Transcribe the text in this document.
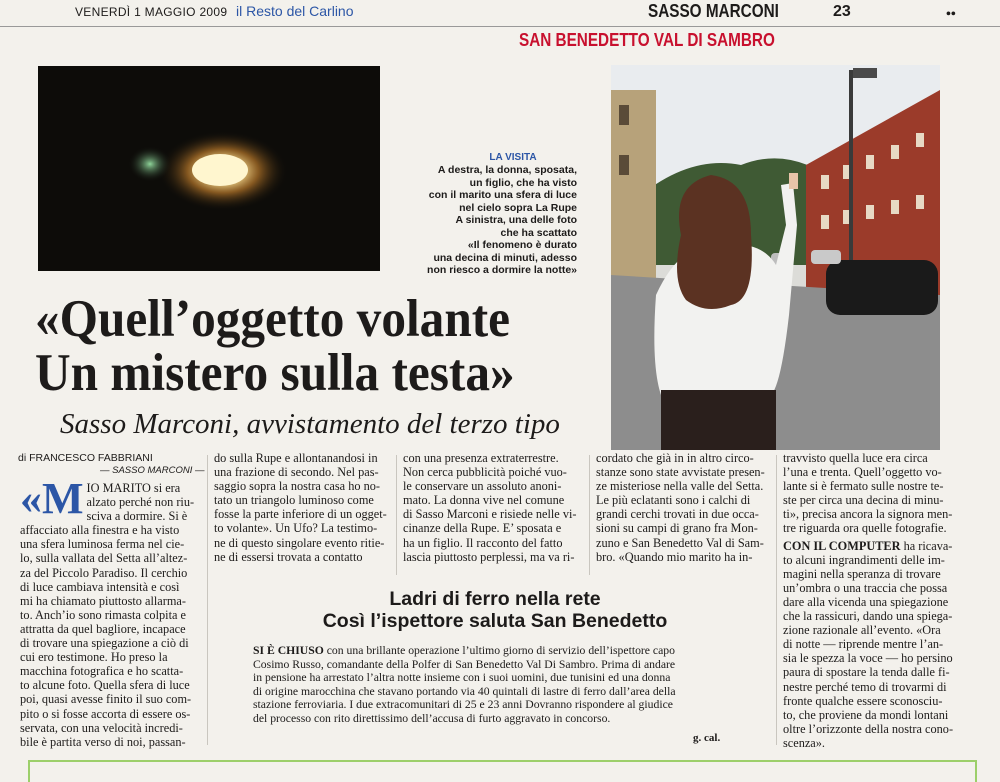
VENERDÌ 1 MAGGIO 2009 il Resto del Carlino	SASSO MARCONI	23	••
SAN BENEDETTO VAL DI SAMBRO
LA VISITA
A destra, la donna, sposata,
un figlio, che ha visto
con il marito una sfera di luce
nel cielo sopra La Rupe
A sinistra, una delle foto
che ha scattato
«Il fenomeno è durato
una decina di minuti, adesso
non riesco a dormire la notte»
«Quell’oggetto volante
Un mistero sulla testa»
Sasso Marconi, avvistamento del terzo tipo
di FRANCESCO FABBRIANI
— SASSO MARCONI —
«M IO MARITO si era
alzato perché non riu-
sciva a dormire. Si è
affacciato alla finestra e ha visto
una sfera luminosa ferma nel cie-
lo, sulla vallata del Setta all’altez-
za del Piccolo Paradiso. Il cerchio
di luce cambiava intensità e così
mi ha chiamato piuttosto allarma-
to. Anch’io sono rimasta colpita e
attratta da quel bagliore, incapace
di trovare una spiegazione a ciò di
cui ero testimone. Ho preso la
macchina fotografica e ho scatta-
to alcune foto. Quella sfera di luce
poi, quasi avesse finito il suo com-
pito o si fosse accorta di essere os-
servata, con una velocità incredi-
bile è partita verso di noi, passan-
do sulla Rupe e allontanandosi in
una frazione di secondo. Nel pas-
saggio sopra la nostra casa ho no-
tato un triangolo luminoso come
fosse la parte inferiore di un ogget-
to volante». Un Ufo? La testimo-
ne di questo singolare evento ritie-
ne di essersi trovata a contatto
con una presenza extraterrestre.
Non cerca pubblicità poiché vuo-
le conservare un assoluto anoni-
mato. La donna vive nel comune
di Sasso Marconi e risiede nelle vi-
cinanze della Rupe. E’ sposata e
ha un figlio. Il racconto del fatto
lascia piuttosto perplessi, ma va ri-
cordato che già in in altro circo-
stanze sono state avvistate presen-
ze misteriose nella valle del Setta.
Le più eclatanti sono i calchi di
grandi cerchi trovati in due occa-
sioni su campi di grano fra Mon-
zuno e San Benedetto Val di Sam-
bro. «Quando mio marito ha in-
travvisto quella luce era circa
l’una e trenta. Quell’oggetto vo-
lante si è fermato sulle nostre te-
ste per circa una decina di minu-
ti», precisa ancora la signora men-
tre riguarda ora quelle fotografie.
CON IL COMPUTER ha ricava-
to alcuni ingrandimenti delle im-
magini nella speranza di trovare
un’ombra o una traccia che possa
dare alla vicenda una spiegazione
che la rassicuri, dando una spiega-
zione razionale all’evento. «Ora
di notte — riprende mentre l’an-
sia le spezza la voce — ho persino
paura di spostare la tenda dalle fi-
nestre perché temo di trovarmi di
fronte qualche essere sconosciu-
to, che proviene da mondi lontani
oltre l’orizzonte della nostra cono-
scenza».
Ladri di ferro nella rete
Così l’ispettore saluta San Benedetto
SI È CHIUSO con una brillante operazione l’ultimo giorno di servizio dell’ispettore capo
Cosimo Russo, comandante della Polfer di San Benedetto Val Di Sambro. Prima di andare
in pensione ha arrestato l’altra notte insieme con i suoi uomini, due tunisini ed una donna
di origine marocchina che stavano portando via 40 quintali di lastre di ferro dall’area della
stazione ferroviaria. I due extracomunitari di 25 e 23 anni Dovranno rispondere al giudice
del processo con rito direttissimo dell’accusa di furto aggravato in concorso.
g. cal.
